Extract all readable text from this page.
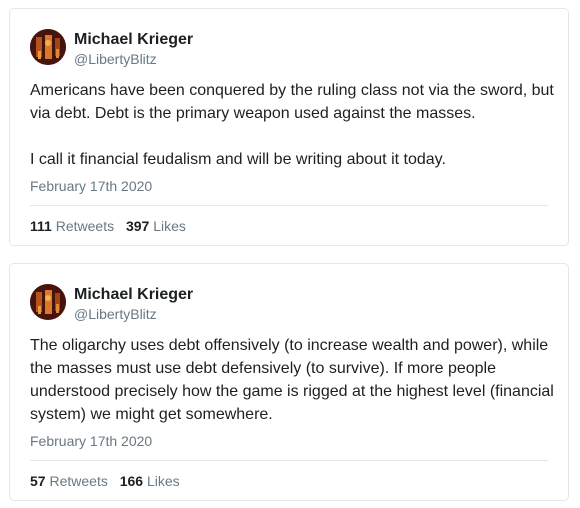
Michael Krieger
@LibertyBlitz

Americans have been conquered by the ruling class not via the sword, but via debt. Debt is the primary weapon used against the masses.

I call it financial feudalism and will be writing about it today.

February 17th 2020
111 Retweets 397 Likes
Michael Krieger
@LibertyBlitz

The oligarchy uses debt offensively (to increase wealth and power), while the masses must use debt defensively (to survive). If more people understood precisely how the game is rigged at the highest level (financial system) we might get somewhere.

February 17th 2020
57 Retweets 166 Likes
